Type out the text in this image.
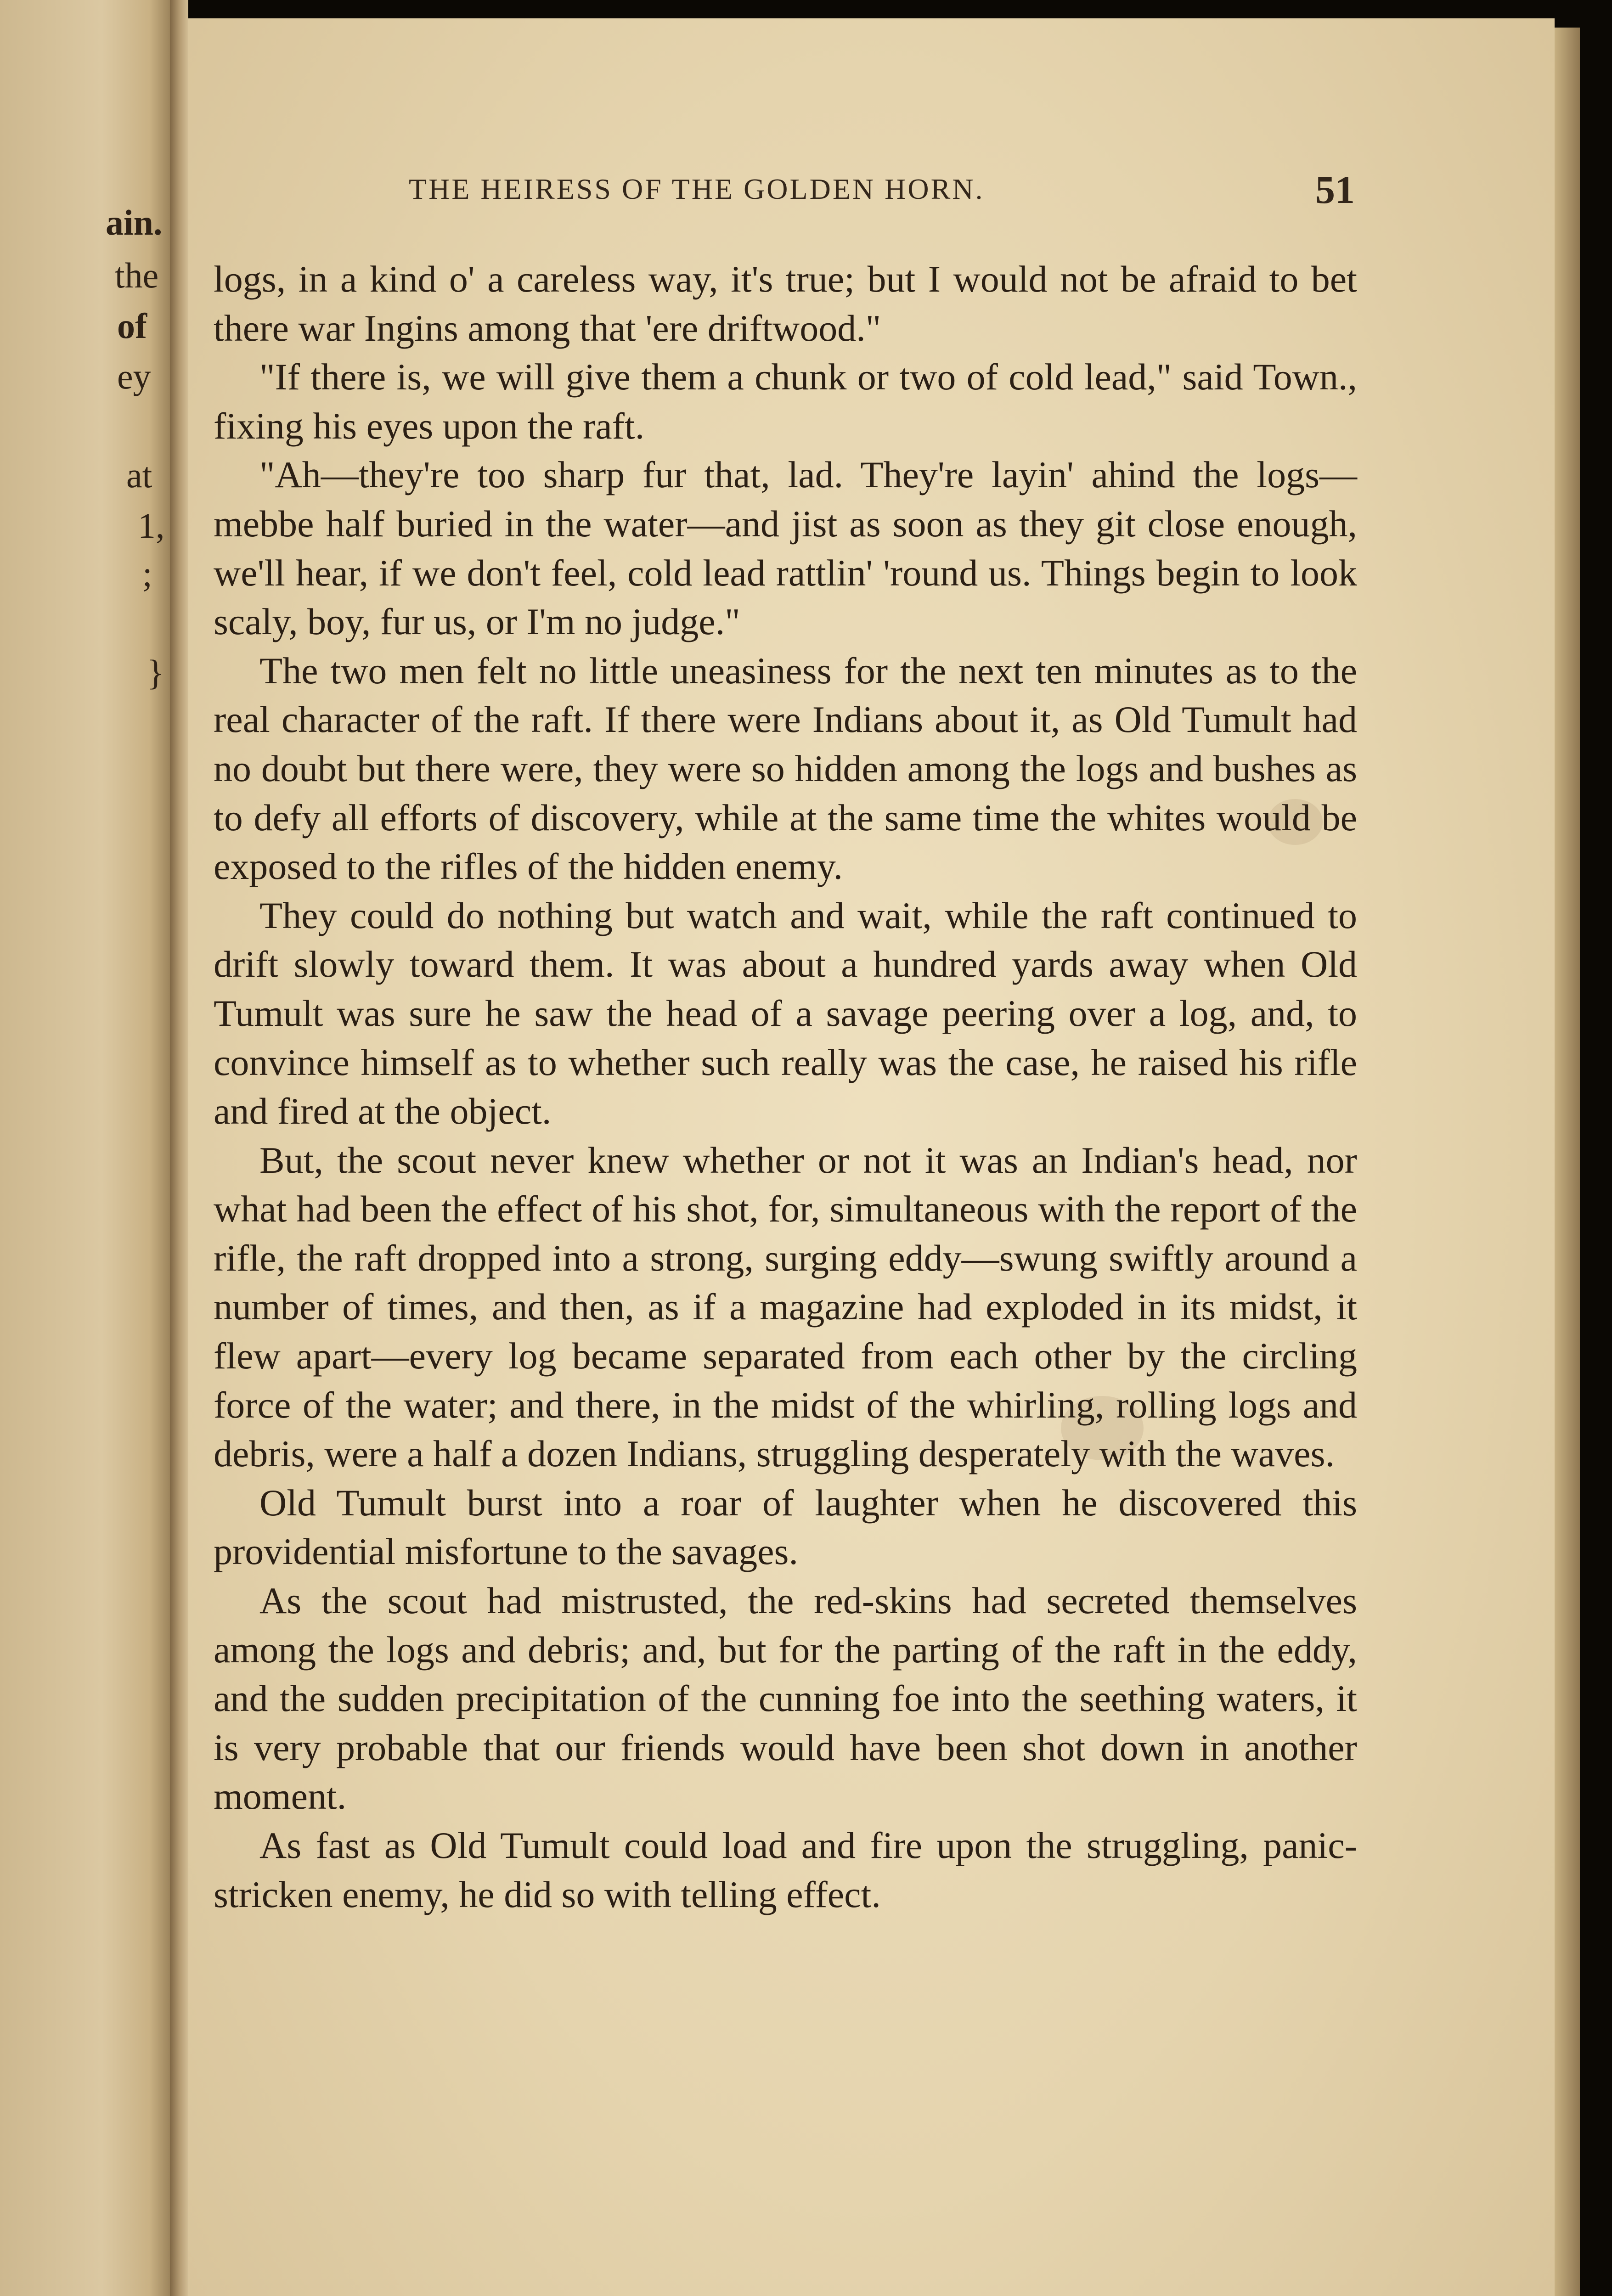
ain.
the
of
ey
at
1,
;
}
THE HEIRESS OF THE GOLDEN HORN.	51

logs, in a kind o' a careless way, it's true; but I would not be afraid to bet there war Ingins among that 'ere driftwood."

"If there is, we will give them a chunk or two of cold lead," said Town., fixing his eyes upon the raft.

"Ah—they're too sharp fur that, lad. They're layin' ahind the logs—mebbe half buried in the water—and jist as soon as they git close enough, we'll hear, if we don't feel, cold lead rattlin' 'round us. Things begin to look scaly, boy, fur us, or I'm no judge."

The two men felt no little uneasiness for the next ten minutes as to the real character of the raft. If there were Indians about it, as Old Tumult had no doubt but there were, they were so hidden among the logs and bushes as to defy all efforts of discovery, while at the same time the whites would be exposed to the rifles of the hidden enemy.

They could do nothing but watch and wait, while the raft continued to drift slowly toward them. It was about a hundred yards away when Old Tumult was sure he saw the head of a savage peering over a log, and, to convince himself as to whether such really was the case, he raised his rifle and fired at the object.

But, the scout never knew whether or not it was an Indian's head, nor what had been the effect of his shot, for, simultaneous with the report of the rifle, the raft dropped into a strong, surging eddy—swung swiftly around a number of times, and then, as if a magazine had exploded in its midst, it flew apart—every log became separated from each other by the circling force of the water; and there, in the midst of the whirling, rolling logs and debris, were a half a dozen Indians, struggling desperately with the waves.

Old Tumult burst into a roar of laughter when he discovered this providential misfortune to the savages.

As the scout had mistrusted, the red-skins had secreted themselves among the logs and debris; and, but for the parting of the raft in the eddy, and the sudden precipitation of the cunning foe into the seething waters, it is very probable that our friends would have been shot down in another moment.

As fast as Old Tumult could load and fire upon the struggling, panic-stricken enemy, he did so with telling effect.
